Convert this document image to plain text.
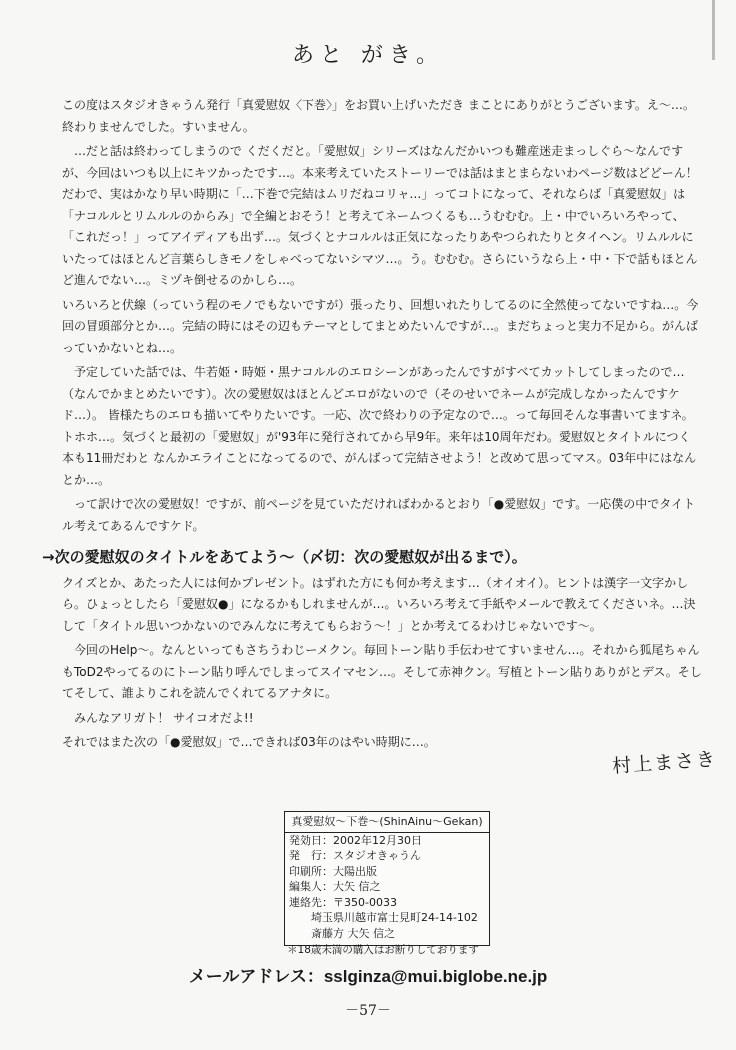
あと がき。

この度はスタジオきゃうん発行「真愛慰奴〈下巻〉」をお買い上げいただき まことにありがとうございます。え〜…。終わりませんでした。すいません。

…だと話は終わってしまうので くだくだと。「愛慰奴」シリーズはなんだかいつも難産迷走まっしぐら〜なんですが、今回はいつも以上にキツかったです…。本来考えていたストーリーでは話はまとまらないわページ数はどどーん！だわで、実はかなり早い時期に「…下巻で完結はムリだねコリャ…」ってコトになって、それならば「真愛慰奴」は「ナコルルとリムルルのからみ」で全編とおそう！と考えてネームつくるも…うむむむ。上・中でいろいろやって、「これだっ！」ってアイディアも出ず…。気づくとナコルルは正気になったりあやつられたりとタイヘン。リムルルにいたってはほとんど言葉らしきモノをしゃべってないシマツ…。う。むむむ。さらにいうなら上・中・下で話もほとんど進んでない…。ミヅキ倒せるのかしら…。

いろいろと伏線（っていう程のモノでもないですが）張ったり、回想いれたりしてるのに全然使ってないですね…。今回の冒頭部分とか…。完結の時にはその辺もテーマとしてまとめたいんですが…。まだちょっと実力不足から。がんばっていかないとね…。

予定していた話では、牛若姫・時姫・黒ナコルルのエロシーンがあったんですがすべてカットしてしまったので…（なんでかまとめたいです）。次の愛慰奴はほとんどエロがないので（そのせいでネームが完成しなかったんですケド…）。 皆様たちのエロも描いてやりたいです。一応、次で終わりの予定なので…。って毎回そんな事書いてますネ。トホホ…。気づくと最初の「愛慰奴」が'93年に発行されてから早9年。来年は10周年だわ。愛慰奴とタイトルにつく本も11冊だわと なんかエライことになってるので、がんばって完結させよう！と改めて思ってマス。03年中にはなんとか…。

って訳けで次の愛慰奴！ですが、前ページを見ていただければわかるとおり「●愛慰奴」です。一応僕の中でタイトル考えてあるんですケド。

→次の愛慰奴のタイトルをあてよう〜（〆切：次の愛慰奴が出るまで）。

クイズとか、あたった人には何かプレゼント。はずれた方にも何か考えます…（オイオイ）。ヒントは漢字一文字かしら。ひょっとしたら「愛慰奴●」になるかもしれませんが…。いろいろ考えて手紙やメールで教えてくださいネ。…決して「タイトル思いつかないのでみんなに考えてもらおう〜！」とか考えてるわけじゃないです〜。

今回のHelp〜。なんといってもさちうわじーメクン。毎回トーン貼り手伝わせてすいません…。それから狐尾ちゃんもToD2やってるのにトーン貼り呼んでしまってスイマセン…。そして赤神クン。写植とトーン貼りありがとデス。そしてそして、誰よりこれを読んでくれてるアナタに。

みんなアリガト！ サイコオだよ!!

それではまた次の「●愛慰奴」で…できれば03年のはやい時期に…。

村上まさき
真愛慰奴〜下巻〜(ShinAinu〜Gekan)
発効日：2002年12月30日
発　行：スタジオきゃうん
印刷所：大陽出版
編集人：大矢 信之
連絡先：〒350-0033
埼玉県川越市富士見町24-14-102
斎藤方 大矢 信之
＊18歳未満の購入はお断りしております
メールアドレス：sslginza@mui.biglobe.ne.jp
－57－
